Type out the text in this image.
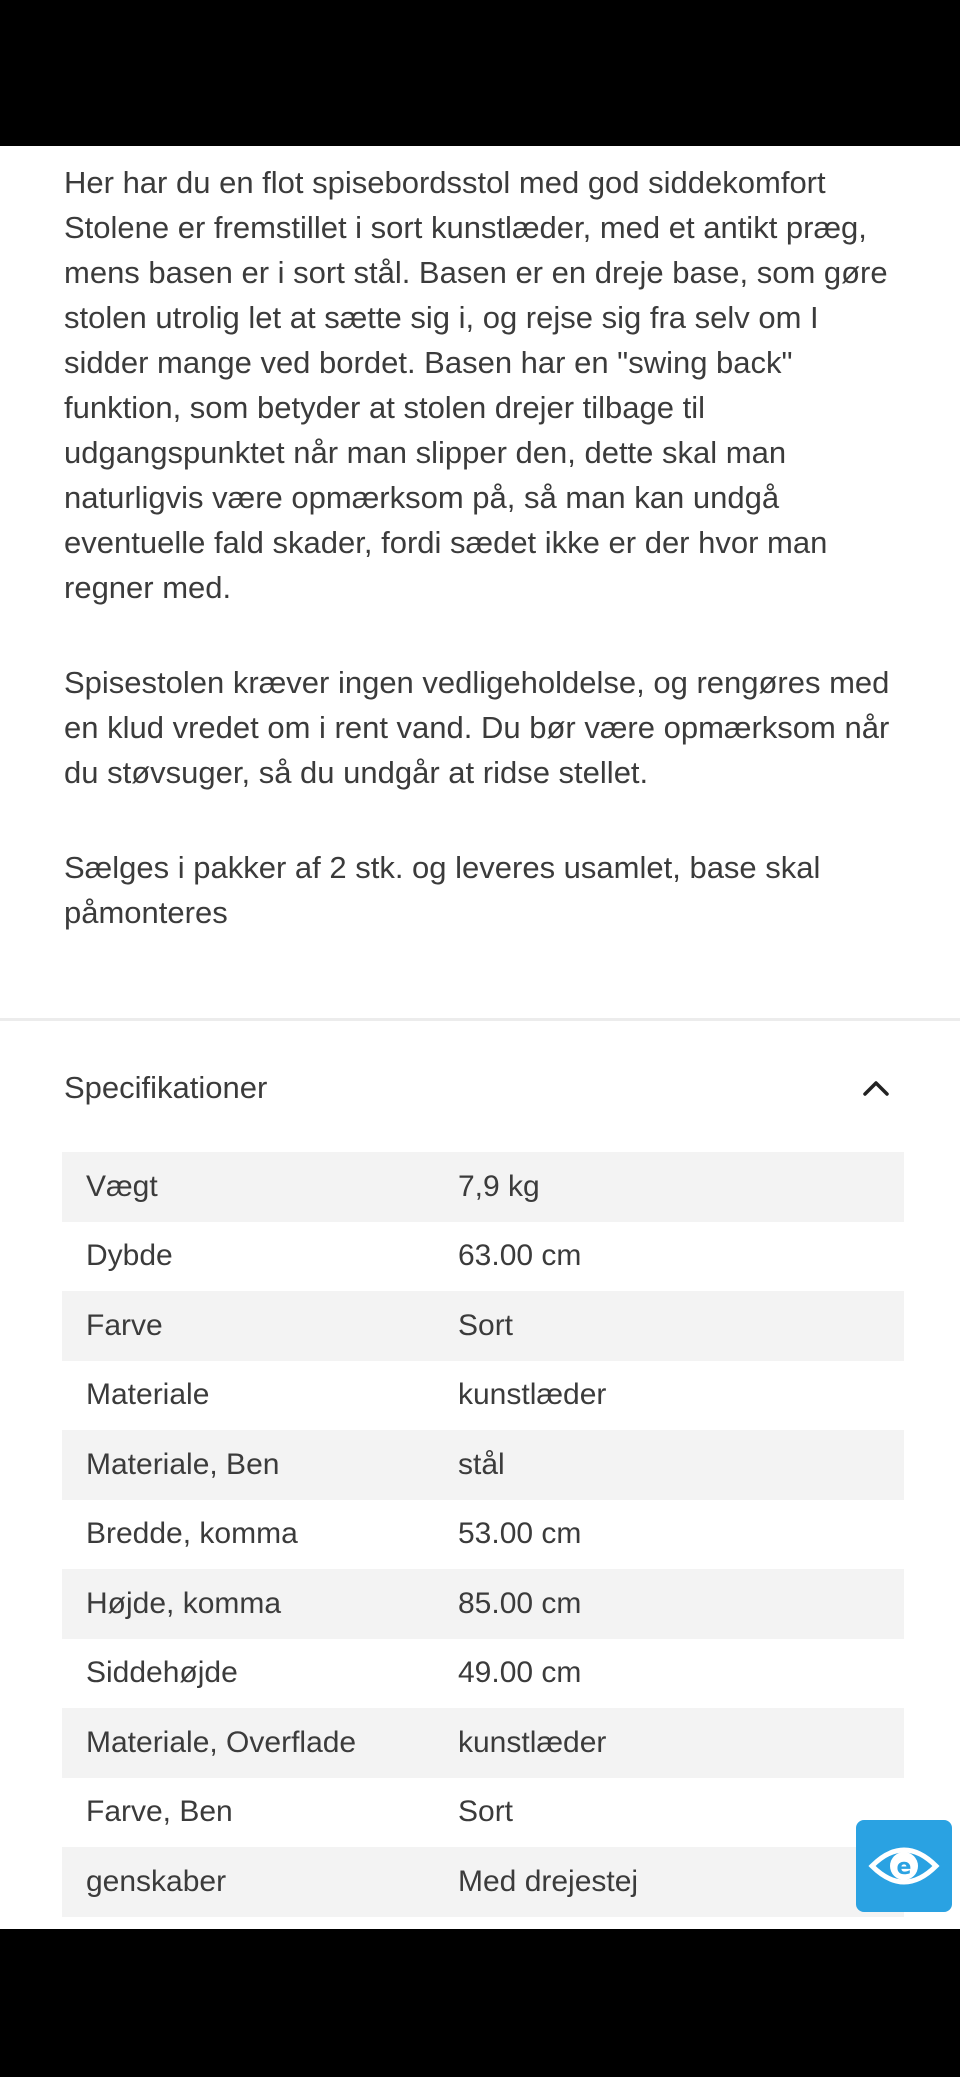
Her har du en flot spisebordsstol med god siddekomfort Stolene er fremstillet i sort kunstlæder, med et antikt præg, mens basen er i sort stål. Basen er en dreje base, som gøre stolen utrolig let at sætte sig i, og rejse sig fra selv om I sidder mange ved bordet. Basen har en "swing back" funktion, som betyder at stolen drejer tilbage til udgangspunktet når man slipper den, dette skal man naturligvis være opmærksom på, så man kan undgå eventuelle fald skader, fordi sædet ikke er der hvor man regner med.

Spisestolen kræver ingen vedligeholdelse, og rengøres med en klud vredet om i rent vand. Du bør være opmærksom når du støvsuger, så du undgår at ridse stellet.

Sælges i pakker af 2 stk. og leveres usamlet, base skal påmonteres

Specifikationer
Vægt	7,9 kg
Dybde	63.00 cm
Farve	Sort
Materiale	kunstlæder
Materiale, Ben	stål
Bredde, komma	53.00 cm
Højde, komma	85.00 cm
Siddehøjde	49.00 cm
Materiale, Overflade	kunstlæder
Farve, Ben	Sort
genskaber	Med drejestej	e
